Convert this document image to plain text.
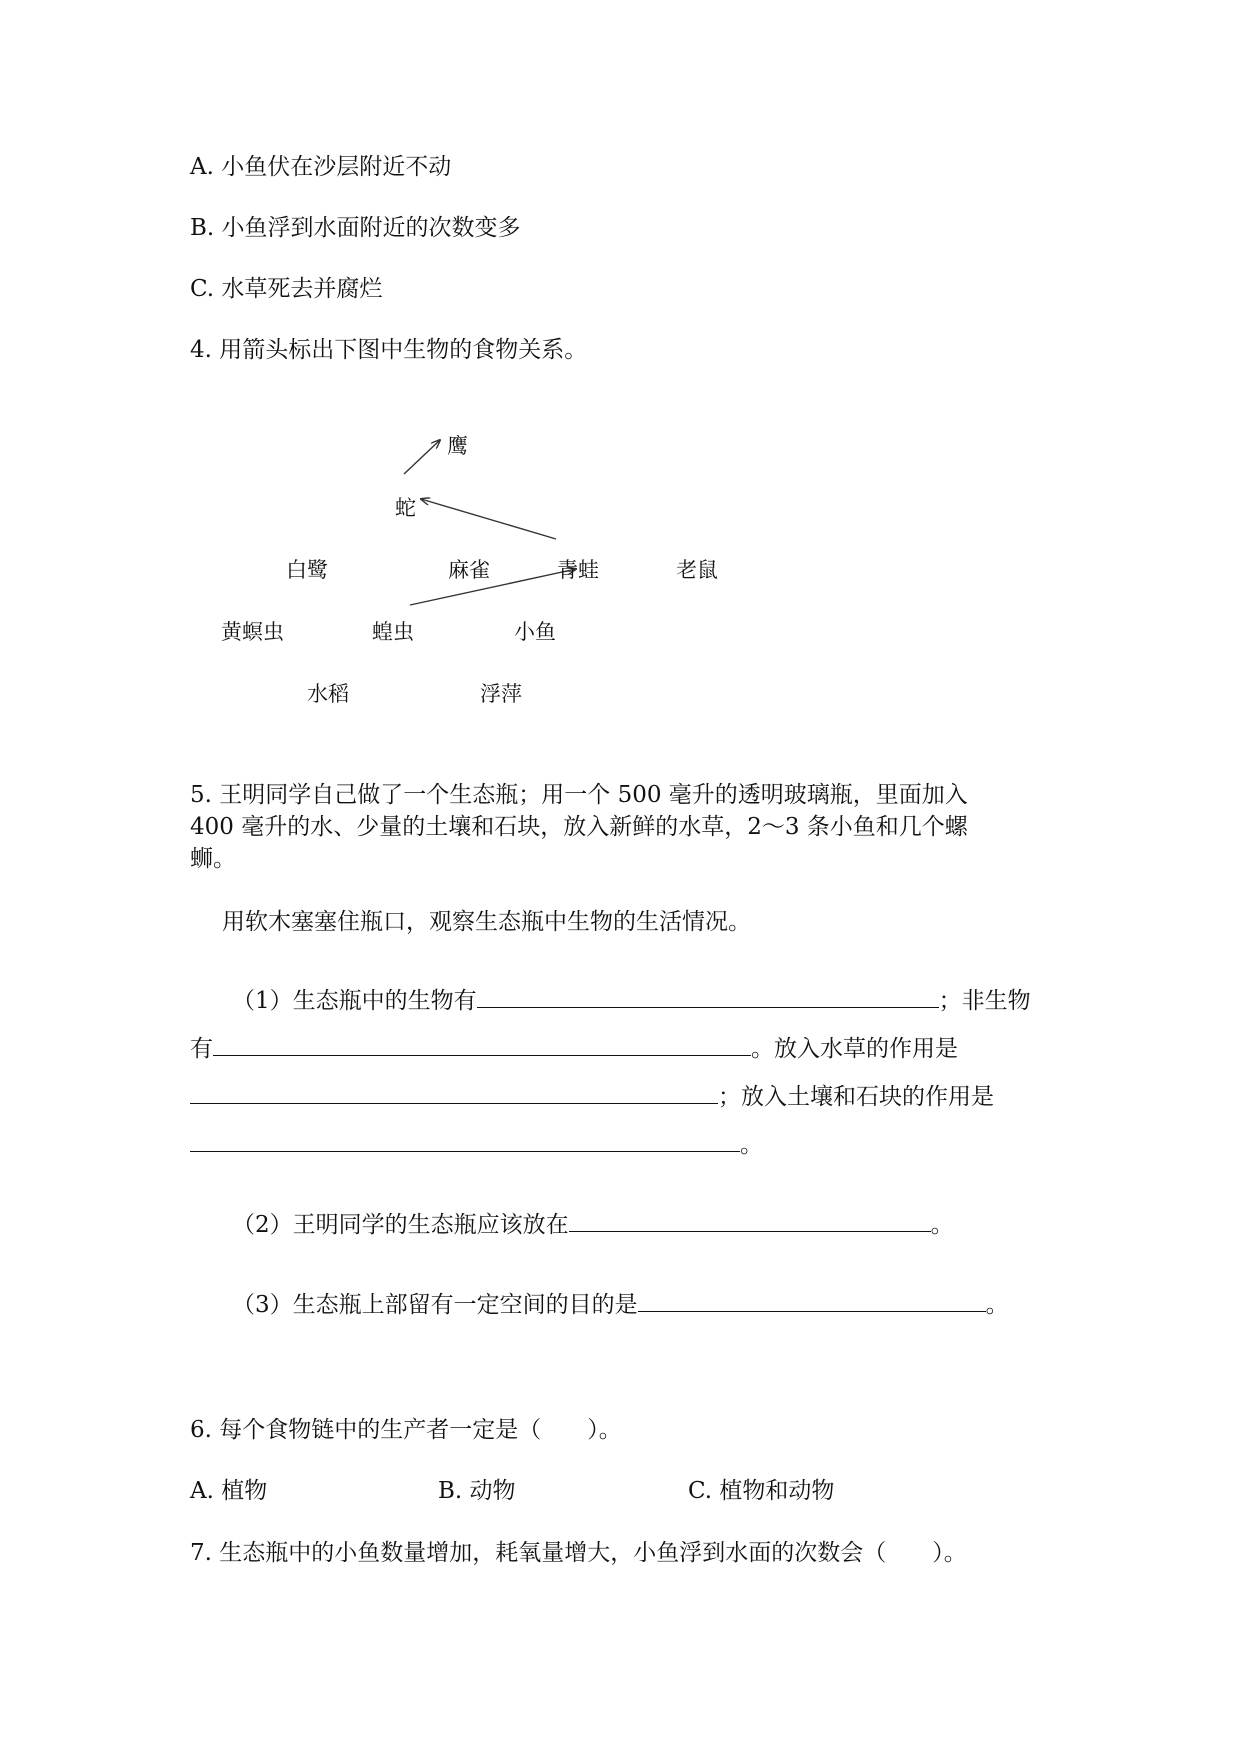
A. 小鱼伏在沙层附近不动
B. 小鱼浮到水面附近的次数变多
C. 水草死去并腐烂
4. 用箭头标出下图中生物的食物关系。
鹰
蛇
白鹭	麻雀	青蛙	老鼠
黄螟虫	蝗虫	小鱼
水稻	浮萍
5. 王明同学自己做了一个生态瓶；用一个 500 毫升的透明玻璃瓶，里面加入
400 毫升的水、少量的土壤和石块，放入新鲜的水草，2～3 条小鱼和几个螺
蛳。
用软木塞塞住瓶口，观察生态瓶中生物的生活情况。
（1）生态瓶中的生物有	；非生物
有	。放入水草的作用是
；放入土壤和石块的作用是
。
（2）王明同学的生态瓶应该放在	。
（3）生态瓶上部留有一定空间的目的是	。
6. 每个食物链中的生产者一定是（　　）。
A. 植物	B. 动物	C. 植物和动物
7. 生态瓶中的小鱼数量增加，耗氧量增大，小鱼浮到水面的次数会（　　）。
